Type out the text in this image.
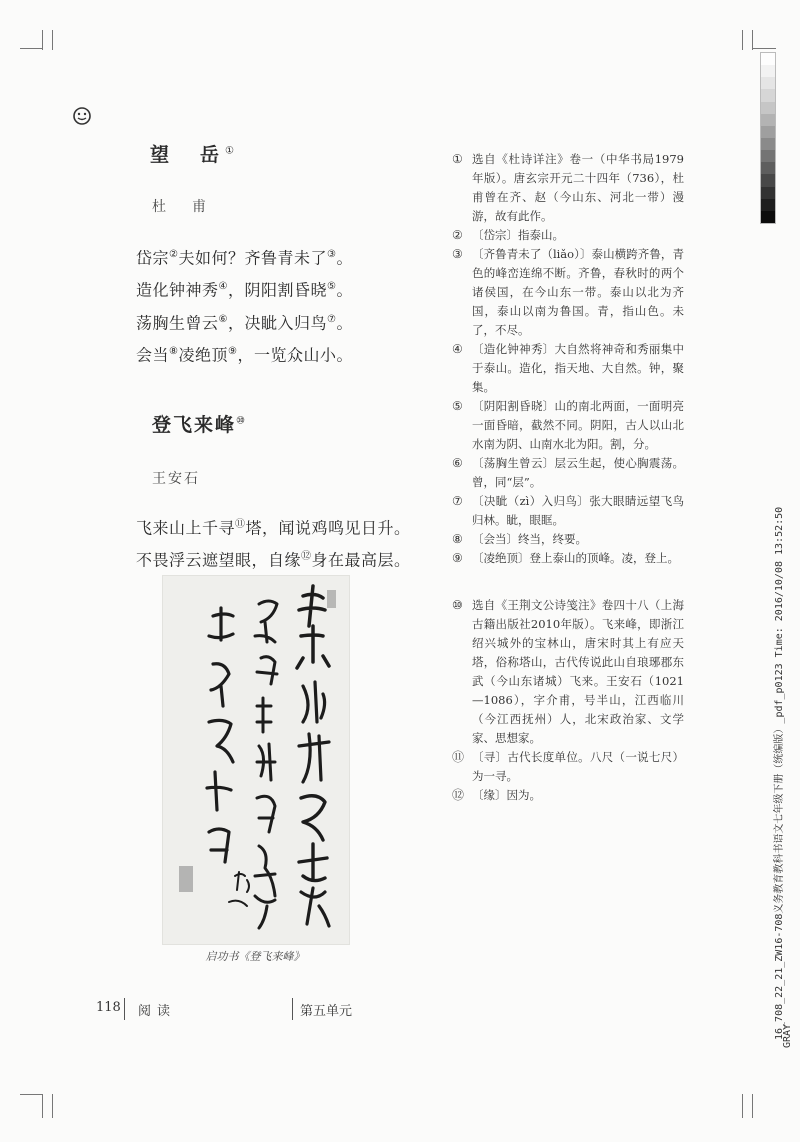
望　岳①
杜　甫
岱宗②夫如何？齐鲁青未了③。
造化钟神秀④，阴阳割昏晓⑤。
荡胸生曾云⑥，决眦入归鸟⑦。
会当⑧凌绝顶⑨，一览众山小。
登飞来峰⑩
王安石
飞来山上千寻⑪塔，闻说鸡鸣见日升。
不畏浮云遮望眼，自缘⑫身在最高层。
启功书《登飞来峰》
① 选自《杜诗详注》卷一（中华书局1979年版）。唐玄宗开元二十四年（736），杜甫曾在齐、赵（今山东、河北一带）漫游，故有此作。
② 〔岱宗〕指泰山。
③ 〔齐鲁青未了（liǎo）〕泰山横跨齐鲁，青色的峰峦连绵不断。齐鲁，春秋时的两个诸侯国，在今山东一带。泰山以北为齐国，泰山以南为鲁国。青，指山色。未了，不尽。
④ 〔造化钟神秀〕大自然将神奇和秀丽集中于泰山。造化，指天地、大自然。钟，聚集。
⑤ 〔阴阳割昏晓〕山的南北两面，一面明亮一面昏暗，截然不同。阴阳，古人以山北水南为阴、山南水北为阳。割，分。
⑥ 〔荡胸生曾云〕层云生起，使心胸震荡。曾，同“层”。
⑦ 〔决眦（zì）入归鸟〕张大眼睛远望飞鸟归林。眦，眼眶。
⑧ 〔会当〕终当，终要。
⑨ 〔凌绝顶〕登上泰山的顶峰。凌，登上。
⑩ 选自《王荆文公诗笺注》卷四十八（上海古籍出版社2010年版）。飞来峰，即浙江绍兴城外的宝林山，唐宋时其上有应天塔，俗称塔山，古代传说此山自琅琊郡东武（今山东诸城）飞来。王安石（1021—1086），字介甫，号半山，江西临川（今江西抚州）人，北宋政治家、文学家、思想家。
⑪ 〔寻〕古代长度单位。八尺（一说七尺）为一寻。
⑫ 〔缘〕因为。
118 阅读	第五单元	16_708_22_21_ZW16-708义务教育教科书语文七年级下册（统编版）_pdf_p0123 Time: 2016/10/08 13:52:50
GRAY
